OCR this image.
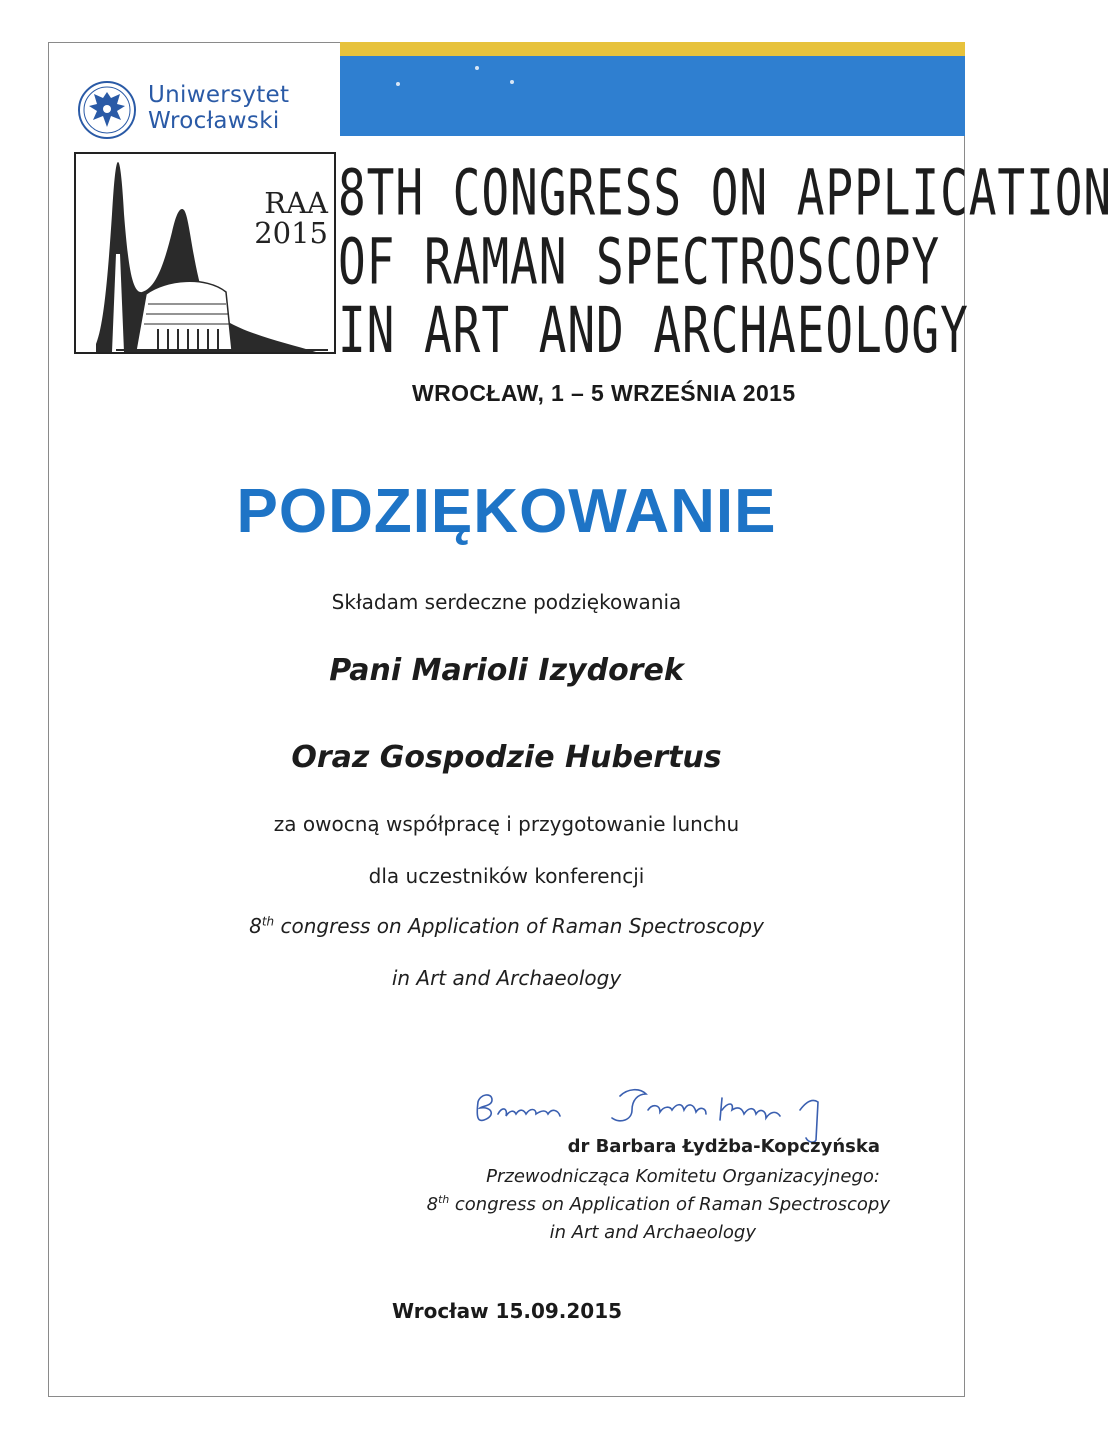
Uniwersytet
Wrocławski
RAA
2015
8TH CONGRESS ON APPLICATION
OF RAMAN SPECTROSCOPY
IN ART AND ARCHAEOLOGY
WROCŁAW, 1 – 5 WRZEŚNIA 2015
PODZIĘKOWANIE
Składam serdeczne podziękowania
Pani Marioli Izydorek
Oraz Gospodzie Hubertus
za owocną współpracę i przygotowanie lunchu
dla uczestników konferencji
8th congress on Application of Raman Spectroscopy
in Art and Archaeology
dr Barbara Łydżba-Kopczyńska
Przewodnicząca Komitetu Organizacyjnego:
8th congress on Application of Raman Spectroscopy
in Art and Archaeology
Wrocław 15.09.2015
